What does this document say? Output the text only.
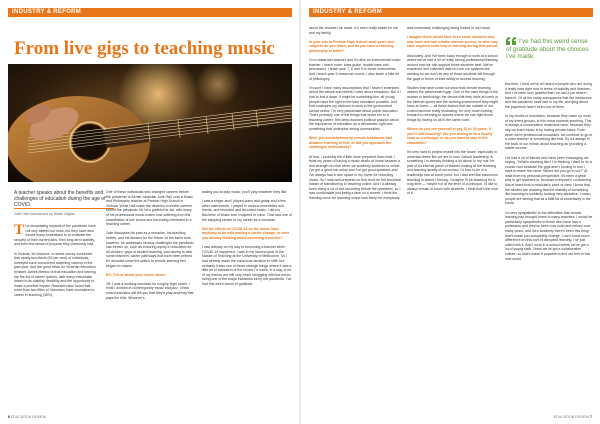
INDUSTRY & REFORM
From live gigs to teaching music

A teacher speaks about the benefits and challenges of education during the age of COVID.

Julie Hall Interviewed by Wade Zaglas

The devastating impacts of the pandemic have not only altered our lives, but they have also forced many Australians to re-evaluate the security of their current jobs, their long-term stability, and even the sense of purpose they previously had.

In Victoria, for instance, a recent survey concluded that nearly two-thirds (62 per cent) of individuals surveyed have considered switching careers in the past year. And the good news for Victorian education minister James Merlino is that education and training top the list of career options, with many individuals drawn to its stability, flexibility and the opportunity to make a positive impact. Research also found that more than two-fifths of Victorians have considered a career in teaching (45%).

One of these individuals who changed careers before the pandemic is former musician Julie Hall, now a Music and Philosophy teacher at Preston High School in Victoria. While Hall made the decision to switch careers before the pandemic hit, he's grateful he did, with many of his professional music mates now suffering from the cancellation of live shows and becoming interested in a teaching career.

Julie discusses his past as a musician, his teaching beliefs, and his dreams for the future. At the same time, however, he addresses serious challenges the pandemic has thrown up, such as ensuring equity in education for all children, gaps in student learning, and having to alter some teachers' career pathways that have been refined for decades since the switch to remote learning first began en masse.

ES: Tell us about your music career.

JH: I was a working musician for roughly eight years. I think I worked in contemporary music and jazz. I think most musicians will tell you that they'd play anything that pays the bills. Whoever's

asking you to play music, you'll play whatever they like.

I was a singer and I played piano and guitar and a few other instruments. I played in various ensembles and bands, and recorded and recorded music. I did my Bachelor of Music and I majored in voice. That was one of the stepping stones to my career as a musician.

Did the effects of COVID-19 on the music have anything to do with making a career change, or were you already thinking about becoming a teacher?

I was already on my way to becoming a teacher when COVID-19 happened. I was in my second year of the Master of Teaching at the University of Melbourne. So I had already made the conscious decision to shift, but certainly it was one of those strange things where it was a little bit of validation of the choice I'd made, in a way. A lot of my friends are still very much struggling with the music being one of the major industries hit by the pandemic. I've had this weird sense of gratitude

6 EDUCATION REVIEW
INDUSTRY & REFORM

about the choices I've made. It's been really stable for me and my family.

In your role at Preston High School what years and subjects do you teach, and do you have a teaching philosophy or belief?

I'm a classroom teacher and I'm also an instrumental music teacher. I teach voice, bass guitar, double bass and percussion. I teach year 7, 8 and 9 or those instruments. And I teach year 9 classroom music. I also teach a little bit of philosophy.

I'm sure I have many assumptions that I haven't examined about the values and beliefs I have about education. But if I had to boil it down, it might be something like: all young people have the right to the best education possible. And that underpins my decision to work in the government school sector. I'm very passionate about public education. That's probably one of the things that drove me to a teaching career; this deep-founded political passion about the importance of education as a democratic right and something that underpins strong communities.

Were you overwhelmed by remote lockdowns and distance learning at first, or did you approach the challenges methodically?

At first, I probably felt a little more prepared than most. I think my years of having a music studio at home became a real strength of mine when we suddenly switched to online. I've got a good mic setup and I've got good speakers and I've always had a nice space in my home for recording music. So I was well prepared on that front for the technical hassle of transitioning to teaching online. And I'd already been doing a lot of self-recording before the pandemic, so I was comfortable just being a face on a screen. I think the learning curve for teaching online was steep for everybody.

was immensely challenging being locked in my house.

I imagine there would have been some students who may have not had reliable internet access, or who may have required extra help in learning during that period.

Absolutely. And I've been lucky enough to work at a school where we've had a lot of really strong professional thinking around how we can support those students best. We've examined and collected data on how our systems are working so we don't let any of those students fall through the gaps in terms of their ability to access learning.

Studies that have come out show that remote learning widens the achievement gap. One of the main things is the access to technology; the device that they have at home or the internet speed and the working environment they might have at home — all these factors that are outside of our control become really frustrating. I'm very much looking forward to returning to spaces where we can fight those things by having us all in the same room.

Where do you see yourself in say 10 or 20 years, if you're still teaching? Are you aiming to be a faculty head or a principal, or do you want to stay in the classroom?

It's very hard to project myself into the future, especially in uncertain times like we are in now. School leadership is something I'm already thinking a lot about; in my role I'm part of an internal panel of leaders looking at the teaching and learning quality of our school. I'd love to be in a leadership role at some point, but I also feel like classroom teaching is where I belong. I imagine I'll be teaching for a long time — maybe not at the level of a principal. I'd like to always remain in touch with students. I think that's the core of it.

I've had this weird sense of gratitude about the choices I've made.

this time. I think we've all heard of people who are doing it really hard right now in terms of stability and finances. And I've been very grateful that I've had a job where I haven't. Of all the many annoyances that the lockdowns and the pandemic have had in my life, worrying about the paycheck hasn't been one of them.

In my circles of musicians, because they make up most of my friend groups, is this move towards teaching. This is always a conversation musicians have, because they say we learn music is by having private tutors. Even when we're professional musicians, we continue to go to a voice teacher or something like that. So it's always in the back of our minds; about teaching as providing a stable income.

I've had a lot of friends who have been messaging me saying, "What's teaching like? I'm thinking I want to do a course now because the gigs aren't coming in and I want to make the move. Where did you go to uni?" At least from my personal perspective, it's been a great way to get teachers in, because everyone's considering this at least from a musician's point of view. I know that the studies are showing that the stability of something like teaching is suddenly looking very attractive. I mean, people are seeing that as a little bit of uncertainty in the future.

I'm very sympathetic to the difficulties that remote learning has brought home to many teachers. I would be particularly sympathetic to those who have had a profession and they've been rock solid and refined over many years, and then suddenly there's been this thing that's made you completely change. I don't know much different from this sort of disrupted learning. I've just rolled with it. And I work in a school where we've got a lot of young staff. I think we've got a collaborative culture, so that's made it possible to find our feet in this new world.

EDUCATION REVIEW 7
